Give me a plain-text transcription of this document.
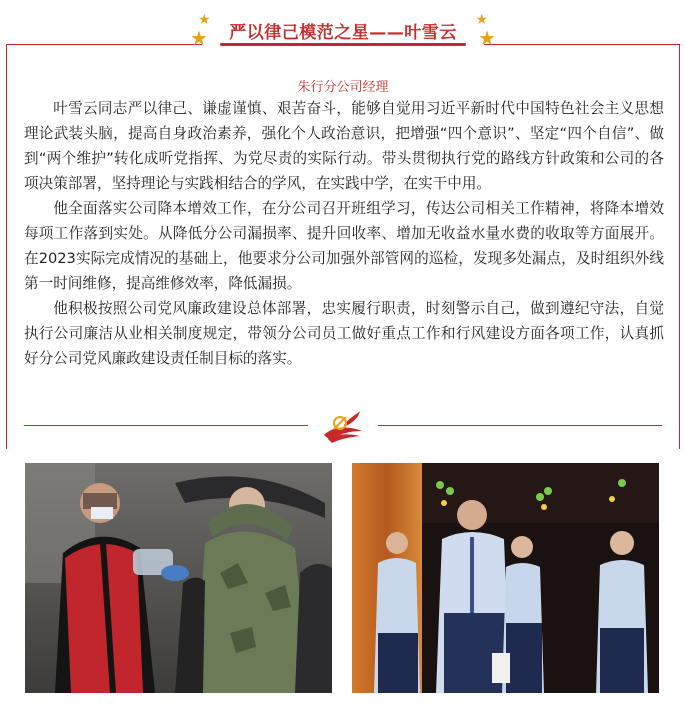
★
★ 严以律己模范之星——叶雪云
★
★
朱行分公司经理

叶雪云同志严以律己、谦虚谨慎、艰苦奋斗，能够自觉用习近平新时代中国特色社会主义思想理论武装头脑，提高自身政治素养，强化个人政治意识，把增强“四个意识”、坚定“四个自信”、做到“两个维护”转化成听党指挥、为党尽责的实际行动。带头贯彻执行党的路线方针政策和公司的各项决策部署，坚持理论与实践相结合的学风，在实践中学，在实干中用。

他全面落实公司降本增效工作，在分公司召开班组学习，传达公司相关工作精神，将降本增效每项工作落到实处。从降低分公司漏损率、提升回收率、增加无收益水量水费的收取等方面展开。在2023实际完成情况的基础上，他要求分公司加强外部管网的巡检，发现多处漏点，及时组织外线第一时间维修，提高维修效率，降低漏损。

他积极按照公司党风廉政建设总体部署，忠实履行职责，时刻警示自己，做到遵纪守法，自觉执行公司廉洁从业相关制度规定，带领分公司员工做好重点工作和行风建设方面各项工作，认真抓好分公司党风廉政建设责任制目标的落实。
